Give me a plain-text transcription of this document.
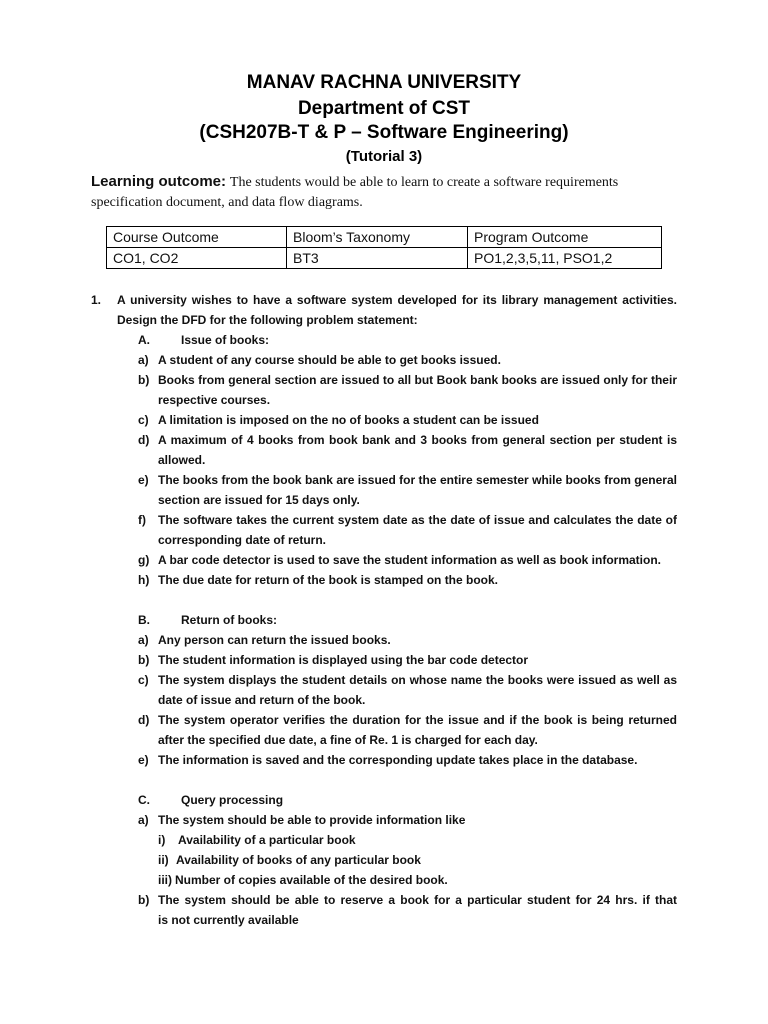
MANAV RACHNA UNIVERSITY
Department of CST
(CSH207B-T & P – Software Engineering)
(Tutorial 3)
Learning outcome: The students would be able to learn to create a software requirements specification document, and data flow diagrams.
Course Outcome	Bloom’s Taxonomy	Program Outcome
CO1, CO2	BT3	PO1,2,3,5,11, PSO1,2
1. A university wishes to have a software system developed for its library management activities.
Design the DFD for the following problem statement:
A.	Issue of books:
a) A student of any course should be able to get books issued.
b) Books from general section are issued to all but Book bank books are issued only for their
respective courses.
c) A limitation is imposed on the no of books a student can be issued
d) A maximum of 4 books from book bank and 3 books from general section per student is
allowed.
e) The books from the book bank are issued for the entire semester while books from general
section are issued for 15 days only.
f) The software takes the current system date as the date of issue and calculates the date of
corresponding date of return.
g) A bar code detector is used to save the student information as well as book information.
h) The due date for return of the book is stamped on the book.
B.	Return of books:
a) Any person can return the issued books.
b) The student information is displayed using the bar code detector
c) The system displays the student details on whose name the books were issued as well as
date of issue and return of the book.
d) The system operator verifies the duration for the issue and if the book is being returned
after the specified due date, a fine of Re. 1 is charged for each day.
e) The information is saved and the corresponding update takes place in the database.
C.	Query processing
a) The system should be able to provide information like
i) Availability of a particular book
ii) Availability of books of any particular book
iii) Number of copies available of the desired book.
b) The system should be able to reserve a book for a particular student for 24 hrs. if that
is not currently available
